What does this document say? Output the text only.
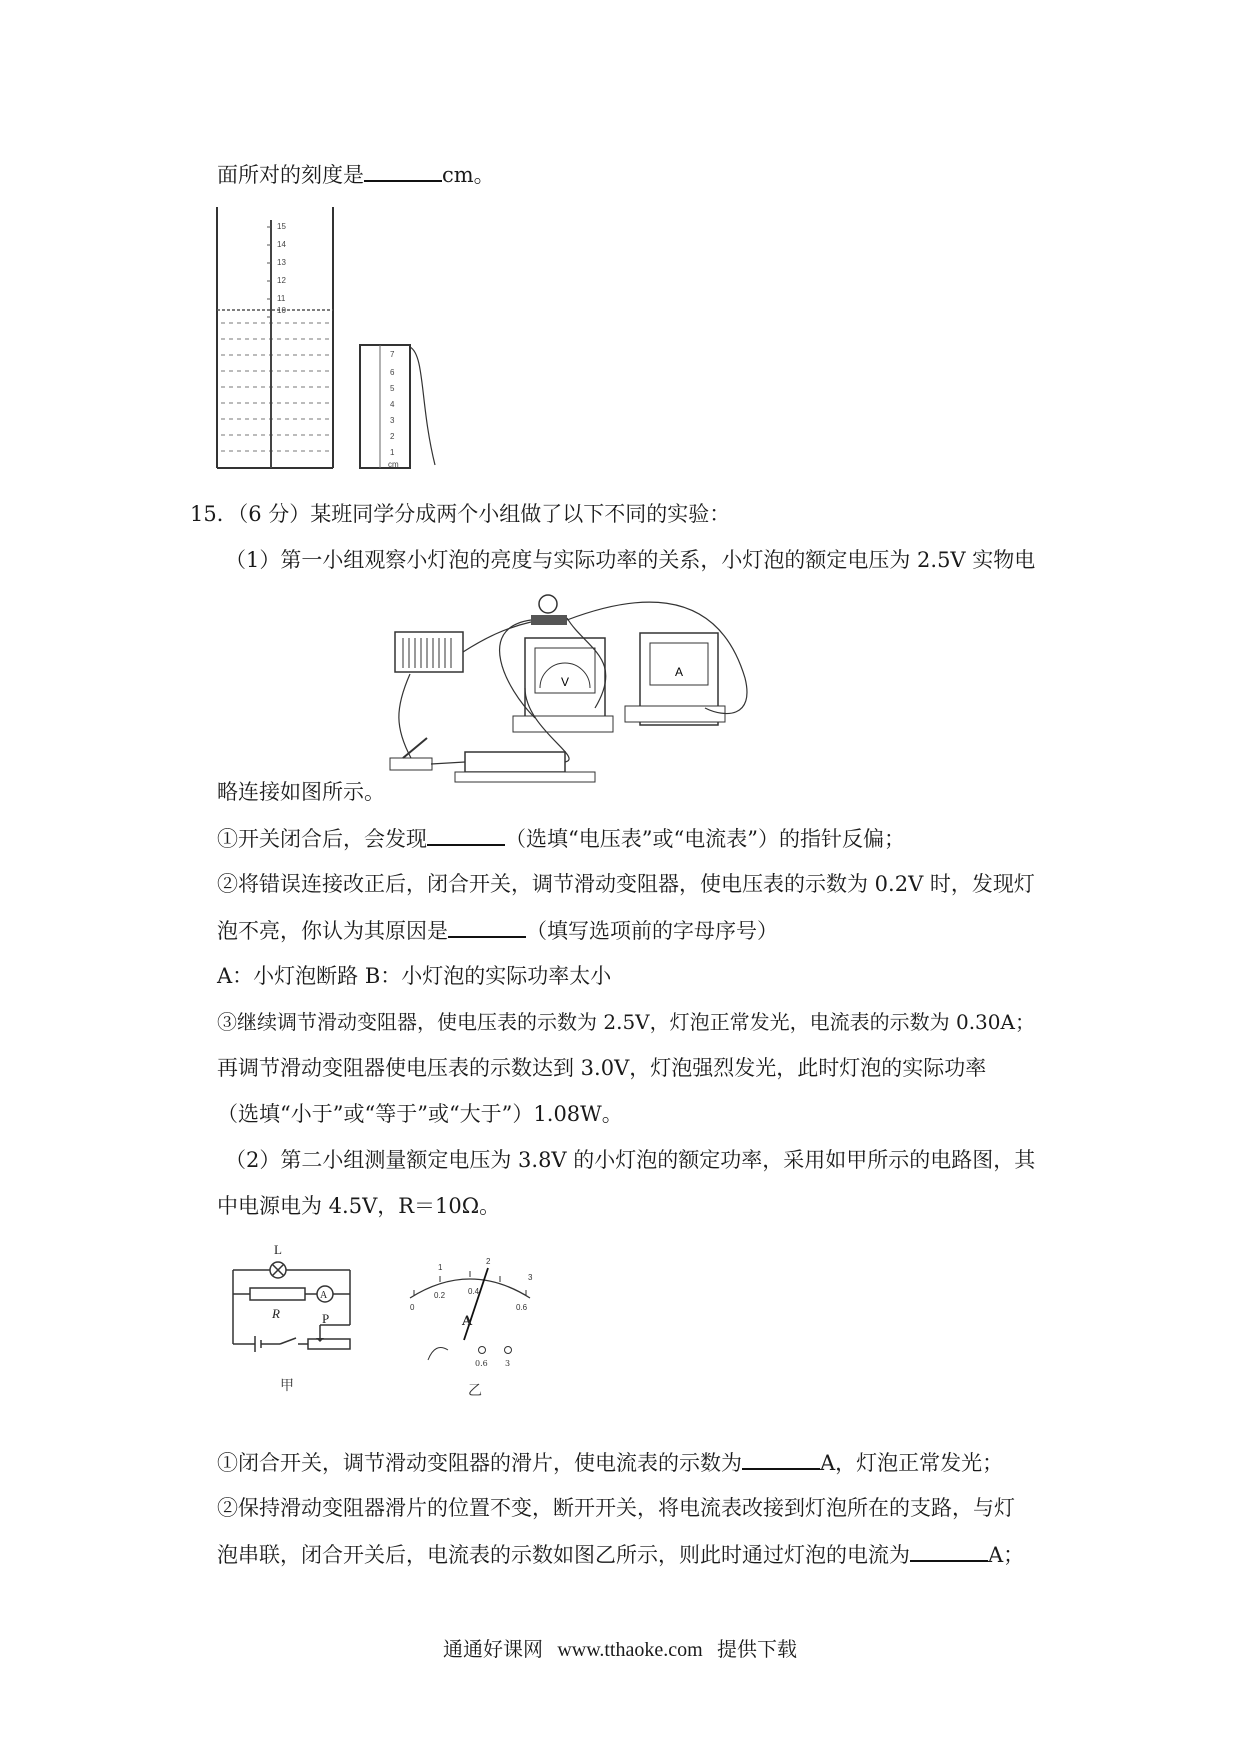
面所对的刻度是	cm。
15
14
13
12
11
10
7
6
5
4
3
2
1
cm
15．（6 分）某班同学分成两个小组做了以下不同的实验：
（1）第一小组观察小灯泡的亮度与实际功率的关系，小灯泡的额定电压为 2.5V 实物电
V
A
略连接如图所示。
①开关闭合后，会发现	（选填“电压表”或“电流表”）的指针反偏；
②将错误连接改正后，闭合开关，调节滑动变阻器，使电压表的示数为 0.2V 时，发现灯
泡不亮，你认为其原因是	（填写选项前的字母序号）
A：小灯泡断路 B：小灯泡的实际功率太小
③继续调节滑动变阻器，使电压表的示数为 2.5V，灯泡正常发光，电流表的示数为 0.30A；
再调节滑动变阻器使电压表的示数达到 3.0V，灯泡强烈发光，此时灯泡的实际功率
（选填“小于”或“等于”或“大于”）1.08W。
（2）第二小组测量额定电压为 3.8V 的小灯泡的额定功率，采用如甲所示的电路图，其
中电源电为 4.5V，R＝10Ω。
L
R	P
A
甲
0
0.2	0.4
0.6
1
2
3
A
0.6 3
乙
①闭合开关，调节滑动变阻器的滑片，使电流表的示数为	A，灯泡正常发光；
②保持滑动变阻器滑片的位置不变，断开开关，将电流表改接到灯泡所在的支路，与灯
泡串联，闭合开关后，电流表的示数如图乙所示，则此时通过灯泡的电流为	A；
通通好课网 www.tthaoke.com 提供下载
